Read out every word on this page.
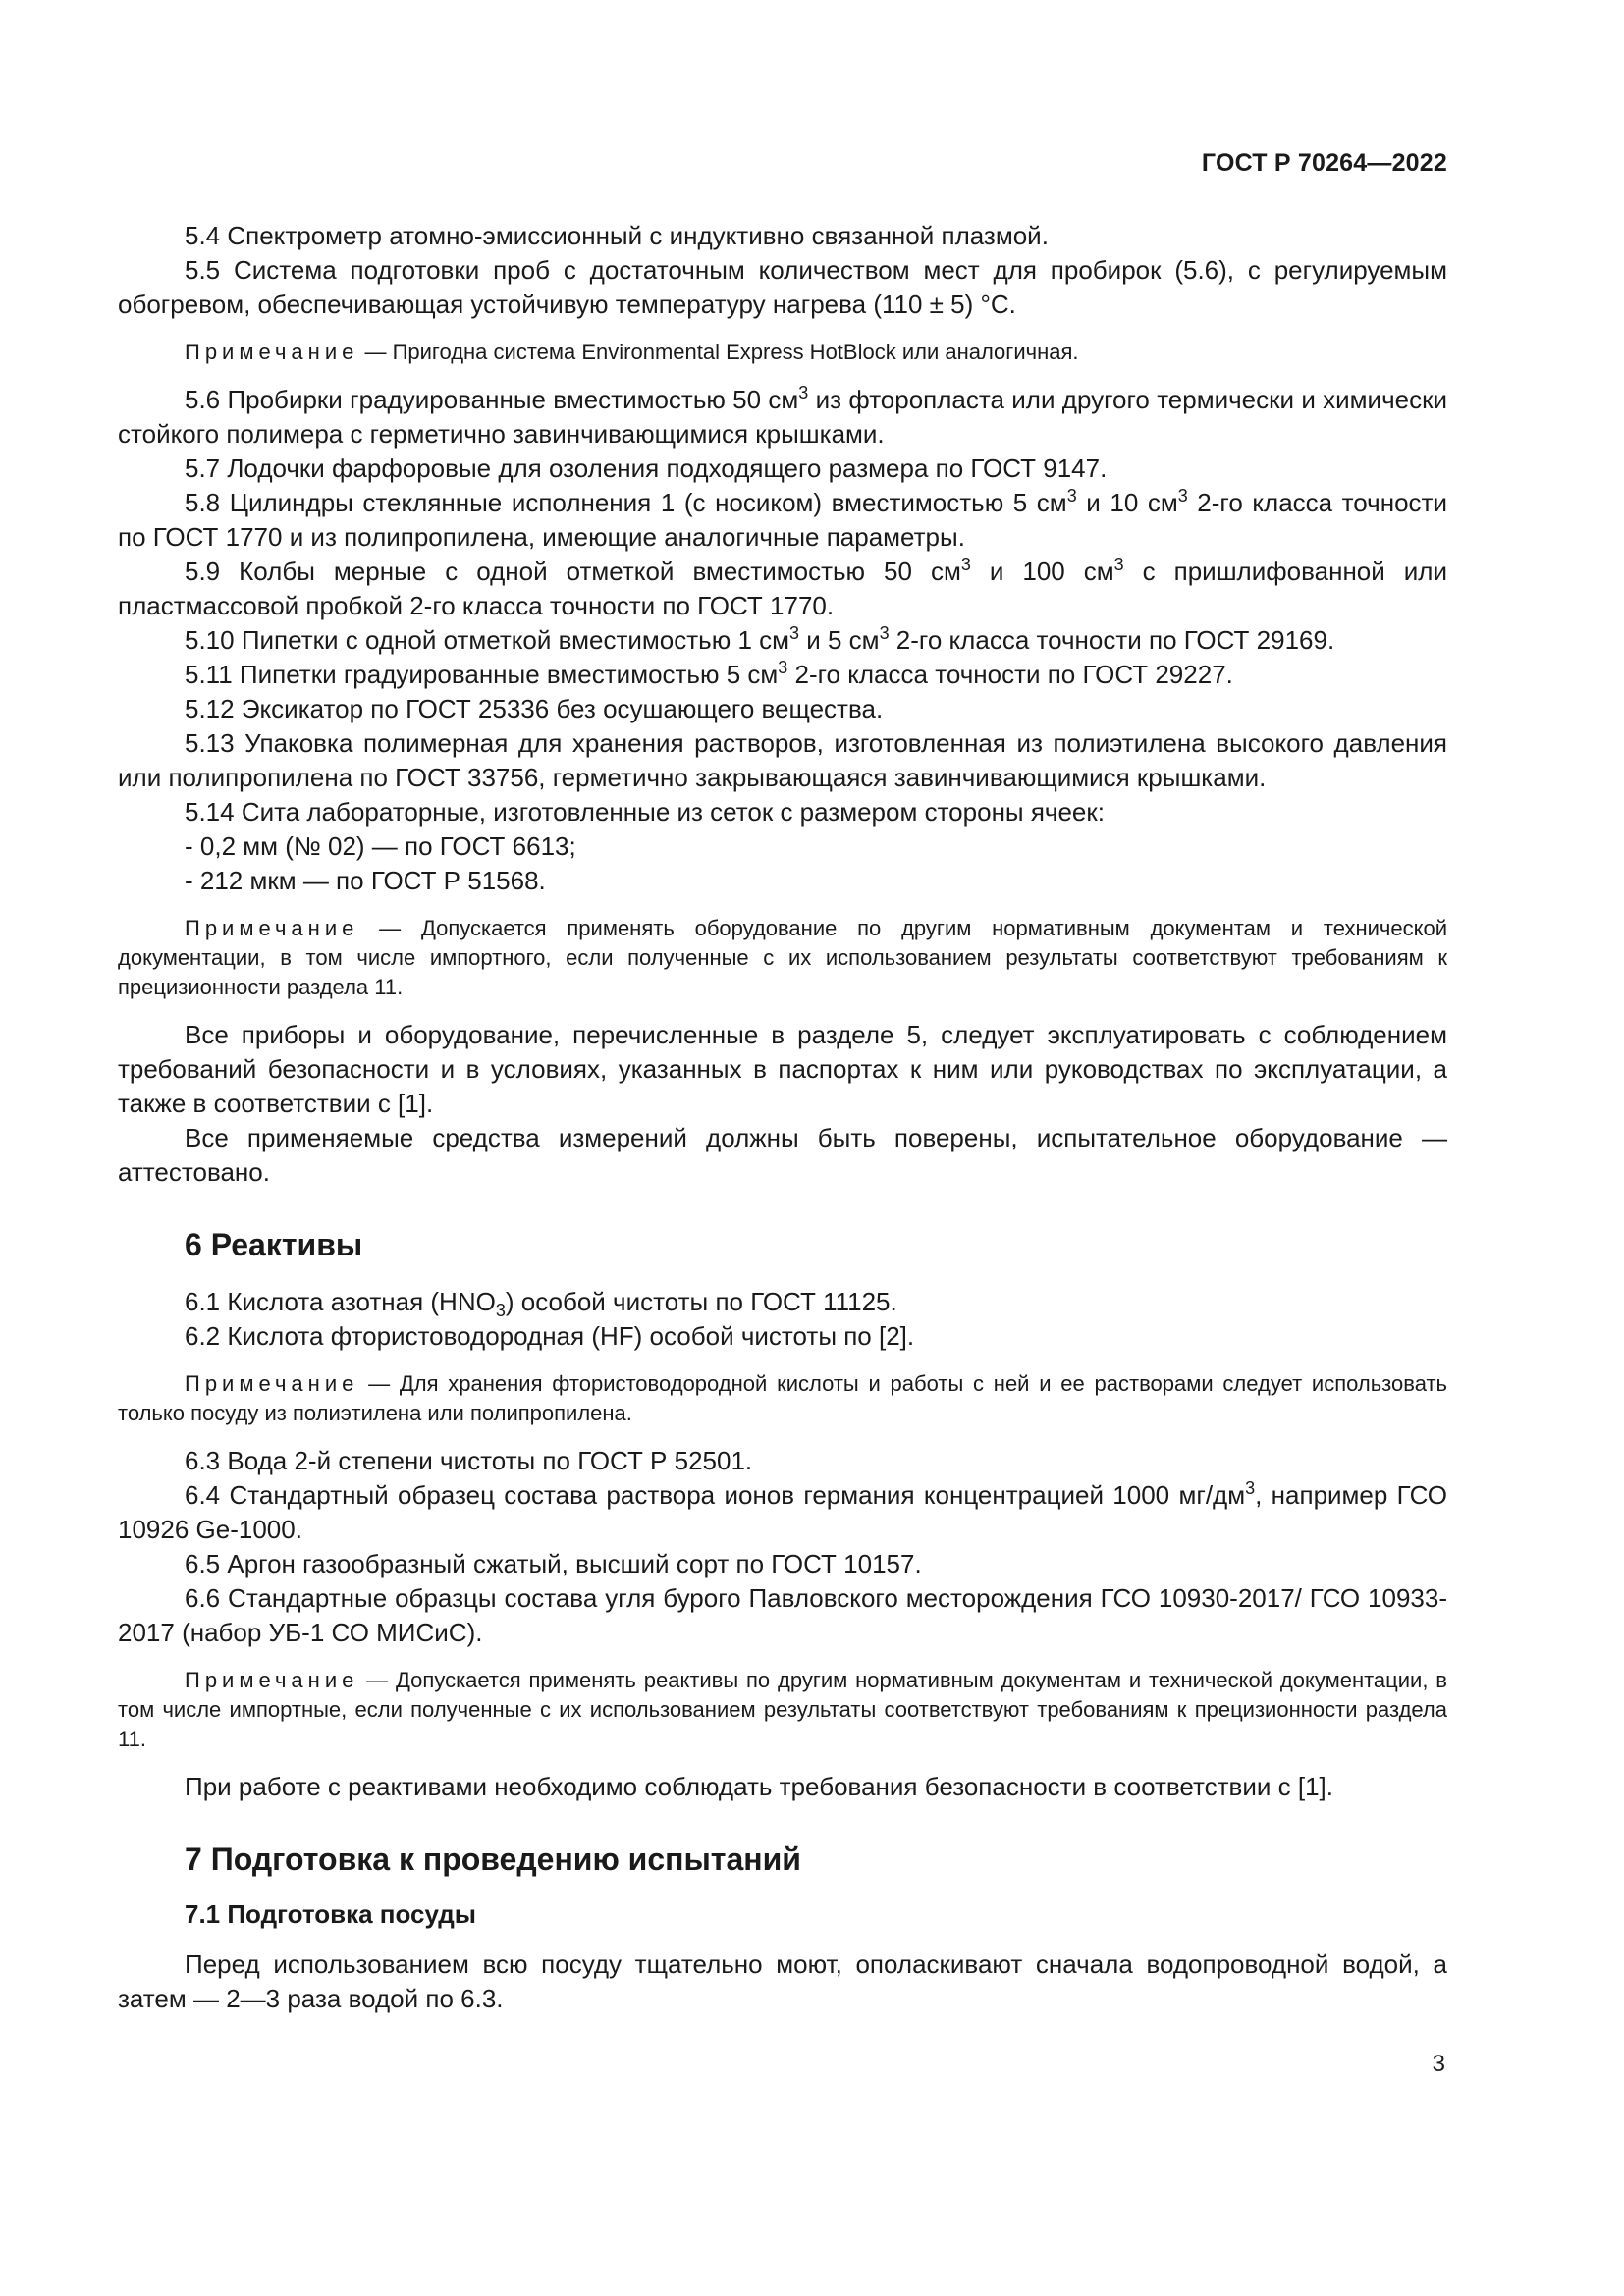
ГОСТ Р 70264—2022

5.4 Спектрометр атомно-эмиссионный с индуктивно связанной плазмой.

5.5 Система подготовки проб с достаточным количеством мест для пробирок (5.6), с регулируемым обогревом, обеспечивающая устойчивую температуру нагрева (110 ± 5) °С.

Примечание — Пригодна система Environmental Express HotBlock или аналогичная.

5.6 Пробирки градуированные вместимостью 50 $см^3$ из фторопласта или другого термически и химически стойкого полимера с герметично завинчивающимися крышками.

5.7 Лодочки фарфоровые для озоления подходящего размера по ГОСТ 9147.

5.8 Цилиндры стеклянные исполнения 1 (с носиком) вместимостью 5 $см^3$ и 10 $см^3$ 2-го класса точности по ГОСТ 1770 и из полипропилена, имеющие аналогичные параметры.

5.9 Колбы мерные с одной отметкой вместимостью 50 $см^3$ и 100 $см^3$ с пришлифованной или пластмассовой пробкой 2-го класса точности по ГОСТ 1770.

5.10 Пипетки с одной отметкой вместимостью 1 $см^3$ и 5 $см^3$ 2-го класса точности по ГОСТ 29169.

5.11 Пипетки градуированные вместимостью 5 $см^3$ 2-го класса точности по ГОСТ 29227.

5.12 Эксикатор по ГОСТ 25336 без осушающего вещества.

5.13 Упаковка полимерная для хранения растворов, изготовленная из полиэтилена высокого давления или полипропилена по ГОСТ 33756, герметично закрывающаяся завинчивающимися крышками.

5.14 Сита лабораторные, изготовленные из сеток с размером стороны ячеек:

- 0,2 мм (№ 02) — по ГОСТ 6613;

- 212 мкм — по ГОСТ Р 51568.

Примечание — Допускается применять оборудование по другим нормативным документам и технической документации, в том числе импортного, если полученные с их использованием результаты соответствуют требованиям к прецизионности раздела 11.

Все приборы и оборудование, перечисленные в разделе 5, следует эксплуатировать с соблюдением требований безопасности и в условиях, указанных в паспортах к ним или руководствах по эксплуатации, а также в соответствии с [1].

Все применяемые средства измерений должны быть поверены, испытательное оборудование — аттестовано.

6 Реактивы

6.1 Кислота азотная $(HNO_3)$ особой чистоты по ГОСТ 11125.

6.2 Кислота фтористоводородная (HF) особой чистоты по [2].

Примечание — Для хранения фтористоводородной кислоты и работы с ней и ее растворами следует использовать только посуду из полиэтилена или полипропилена.

6.3 Вода 2-й степени чистоты по ГОСТ Р 52501.

6.4 Стандартный образец состава раствора ионов германия концентрацией 1000 $мг/дм^3$, например ГСО 10926 Ge-1000.

6.5 Аргон газообразный сжатый, высший сорт по ГОСТ 10157.

6.6 Стандартные образцы состава угля бурого Павловского месторождения ГСО 10930-2017/ ГСО 10933-2017 (набор УБ-1 СО МИСиС).

Примечание — Допускается применять реактивы по другим нормативным документам и технической документации, в том числе импортные, если полученные с их использованием результаты соответствуют требованиям к прецизионности раздела 11.

При работе с реактивами необходимо соблюдать требования безопасности в соответствии с [1].

7 Подготовка к проведению испытаний
7.1 Подготовка посуды

Перед использованием всю посуду тщательно моют, ополаскивают сначала водопроводной водой, а затем — 2—3 раза водой по 6.3.

3
